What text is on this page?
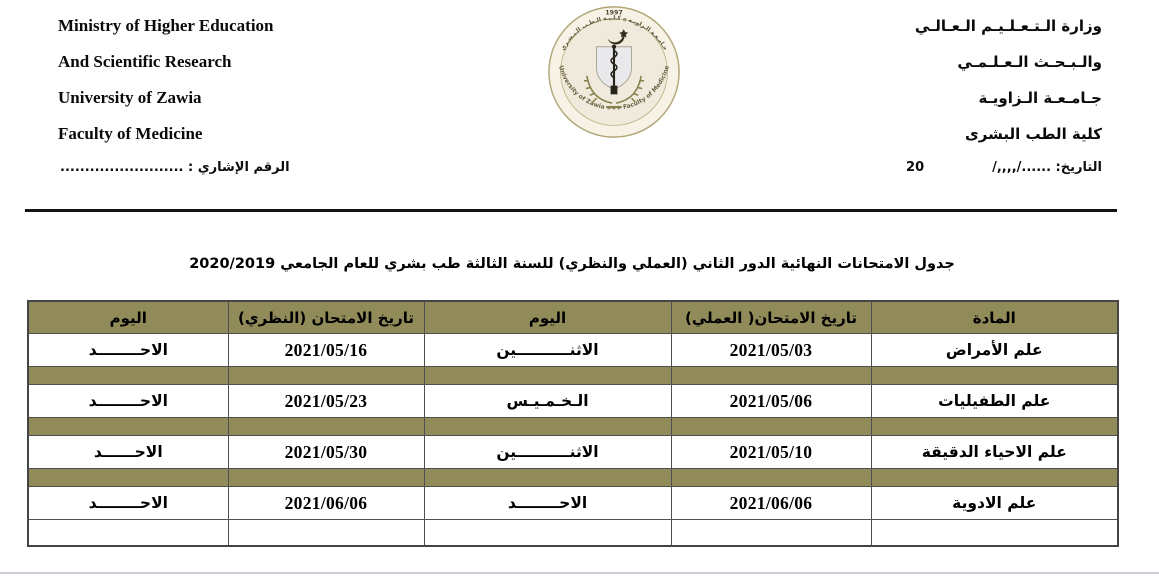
Ministry of Higher Education
And Scientific Research
University of Zawia
Faculty of Medicine
جـامـعـة الـزاويـة ۞ كـلـيـة الـطـب الـبـشـري
1997
University of Zawia ∗∗∗ Faculty of Medicine
وزارة الـتـعـلـيـم الـعـالـي
والـبـحـث الـعـلـمـي
جـامـعـة الـزاويـة
كلية الطب البشرى
الرقم الإشاري : .........................	التاريخ: ....../,,,,/
20
جدول الامتحانات النهائية الدور الثاني (العملي والنظري) للسنة الثالثة طب بشري للعام الجامعي 2020/2019
المادة	تاريخ الامتحان( العملي)	اليوم	تاريخ الامتحان (النظري)	اليوم
علم الأمراض	2021/05/03	الاثنــــــــــين	2021/05/16	الاحــــــــد

علم الطفيليات	2021/05/06	الـخـمـيـس	2021/05/23	الاحــــــــد

علم الاحياء الدقيقة	2021/05/10	الاثنــــــــــين	2021/05/30	الاحــــــد

علم الادوية	2021/06/06	الاحــــــــد	2021/06/06	الاحــــــــد
